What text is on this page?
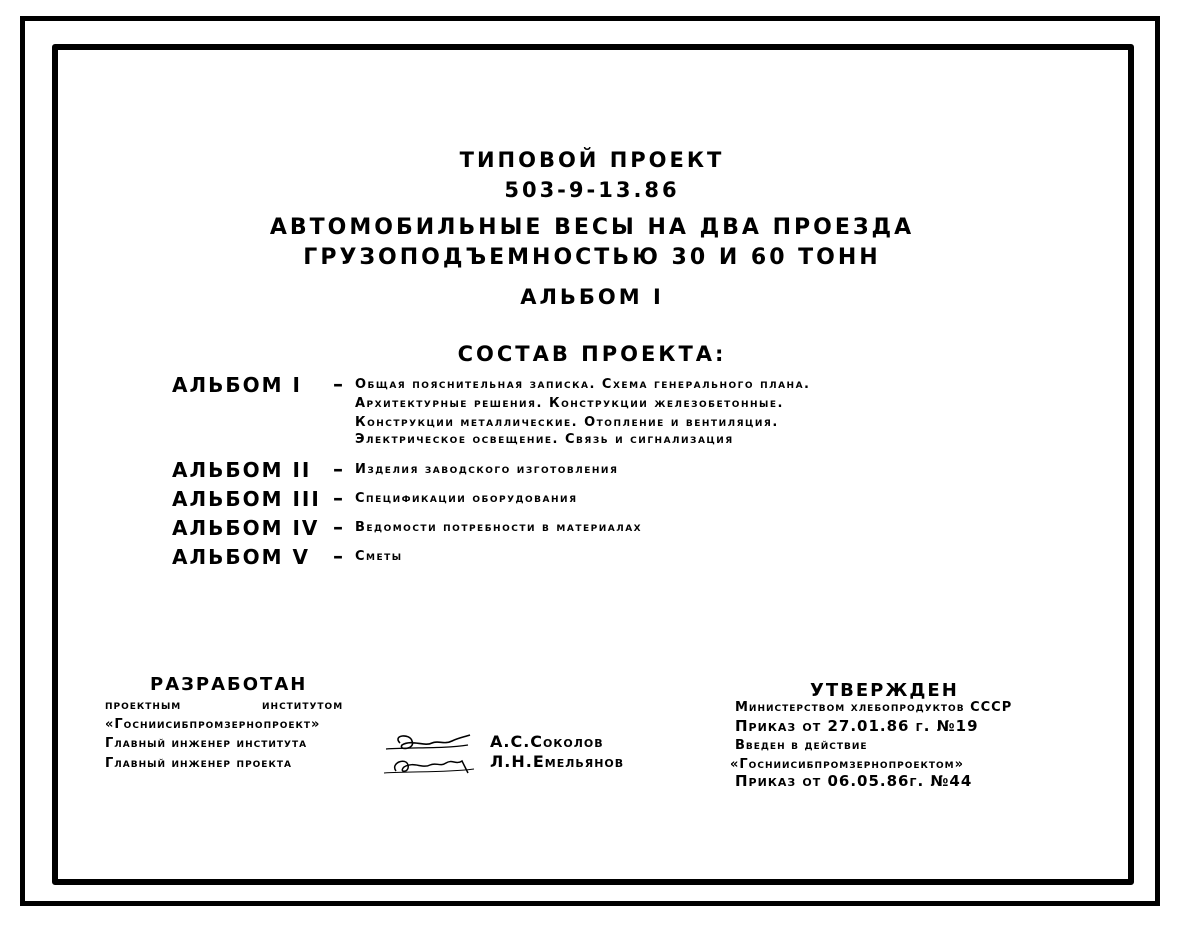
ТИПОВОЙ ПРОЕКТ
503-9-13.86
АВТОМОБИЛЬНЫЕ ВЕСЫ НА ДВА ПРОЕЗДА
ГРУЗОПОДЪЕМНОСТЬЮ 30 И 60 ТОНН
АЛЬБОМ I
СОСТАВ ПРОЕКТА:
АЛЬБОМ I – Общая пояснительная записка. Схема генерального плана.
Архитектурные решения. Конструкции железобетонные.
Конструкции металлические. Отопление и вентиляция.
Электрическое освещение. Связь и сигнализация
АЛЬБОМ II – Изделия заводского изготовления
АЛЬБОМ III – Спецификации оборудования
АЛЬБОМ IV – Ведомости потребности в материалах
АЛЬБОМ V – Сметы
РАЗРАБОТАН
проектным	институтом
«Госниисибпромзернопроект»
Главный инженер института
Главный инженер проекта
А.С.Соколов
Л.Н.Емельянов
УТВЕРЖДЕН
Министерством хлебопродуктов СССР
Приказ от 27.01.86 г. №19
Введен в действие
«Госниисибпромзернопроектом»
Приказ от 06.05.86г. №44
